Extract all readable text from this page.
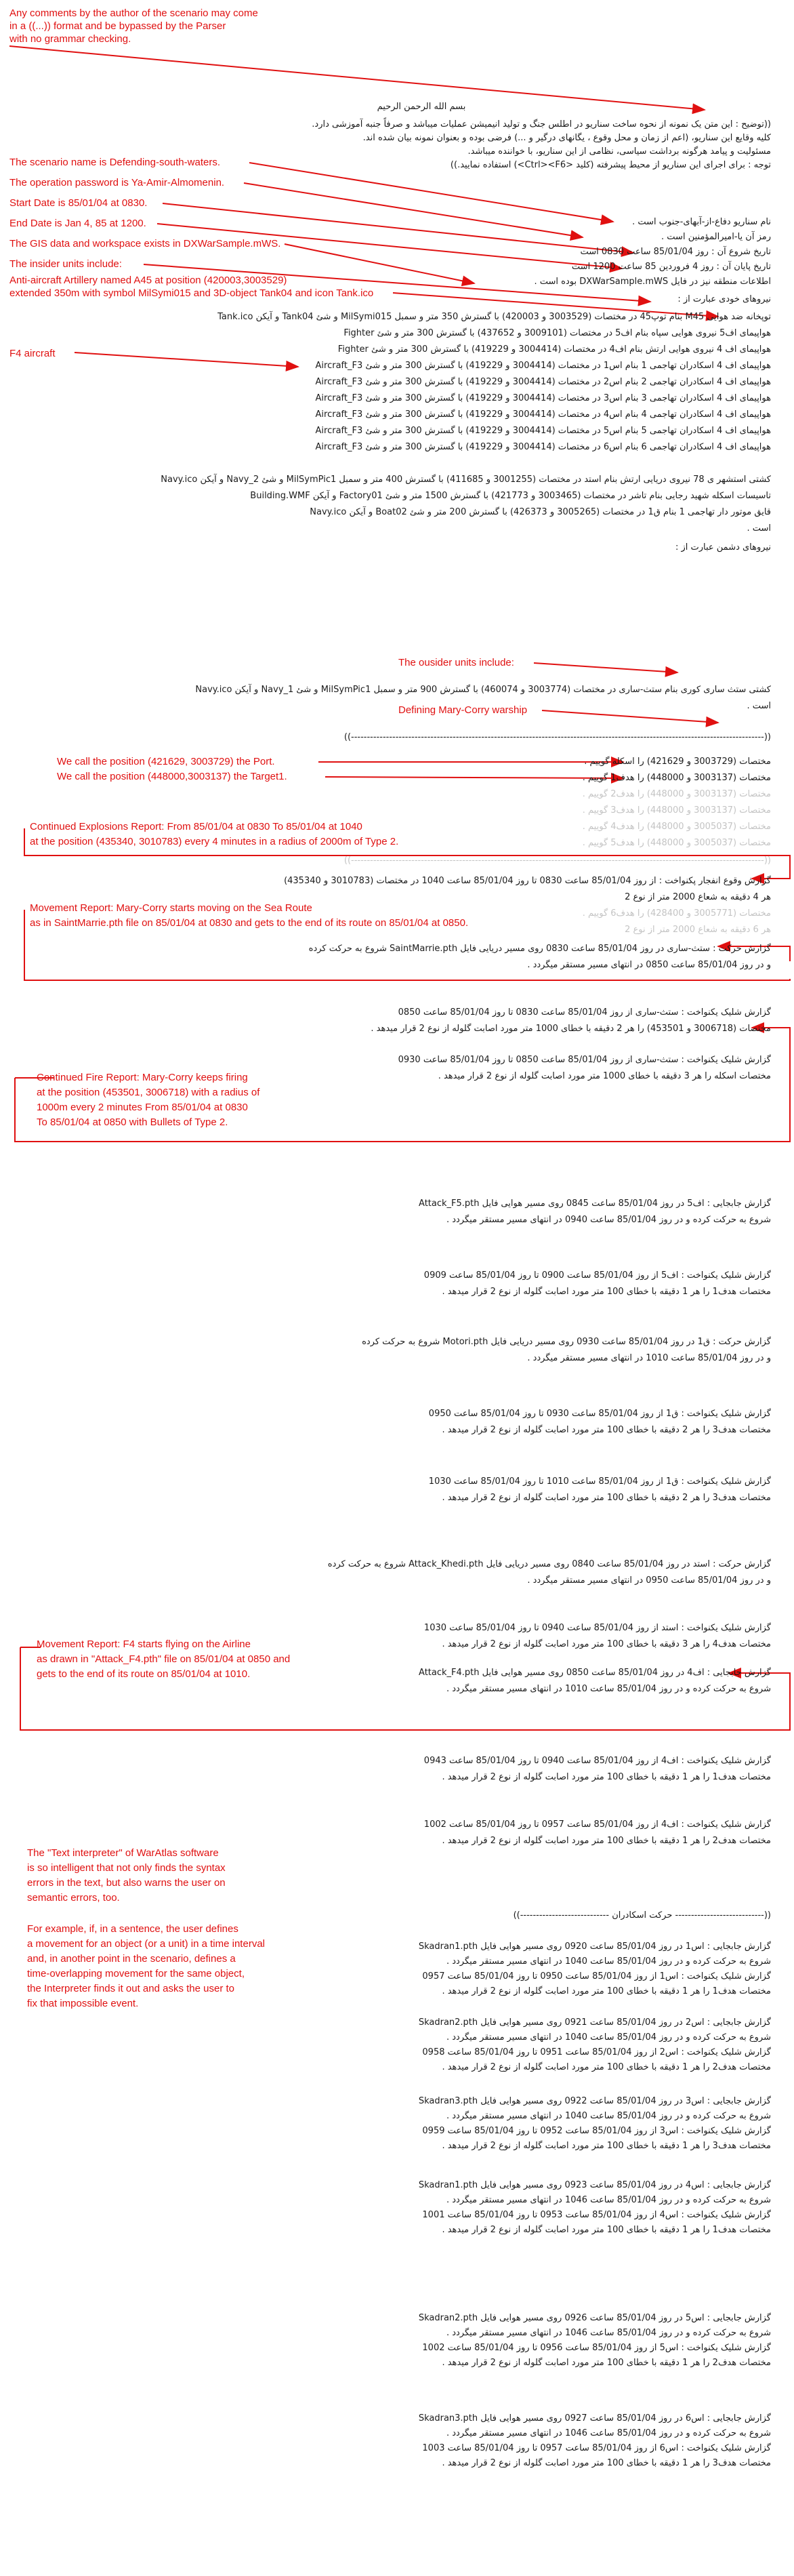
Any comments by the author of the scenario may come
in a ((...)) format and be bypassed by the Parser
with no grammar checking.
The scenario name is Defending-south-waters.
The operation password is Ya-Amir-Almomenin.
Start Date is 85/01/04 at 0830.
End Date is Jan 4, 85 at 1200.
The GIS data and workspace exists in DXWarSample.mWS.
The insider units include:
Anti-aircraft Artillery named A45 at position (420003,3003529)
extended 350m with symbol MilSymi015 and 3D-object Tank04 and icon Tank.ico
F4 aircraft
The ousider units include:
Defining Mary-Corry warship
We call the position (421629, 3003729) the Port.
We call the position (448000,3003137) the Target1.
Continued Explosions Report: From 85/01/04 at 0830 To 85/01/04 at 1040
at the position (435340, 3010783) every 4 minutes in a radius of 2000m of Type 2.
Movement Report: Mary-Corry starts moving on the Sea Route
as in SaintMarrie.pth file on 85/01/04 at 0830 and gets to the end of its route on 85/01/04 at 0850.
Continued Fire Report: Mary-Corry keeps firing
at the position (453501, 3006718) with a radius of
1000m every 2 minutes From 85/01/04 at 0830
To 85/01/04 at 0850 with Bullets of Type 2.
Movement Report: F4 starts flying on the Airline
as drawn in "Attack_F4.pth" file on 85/01/04 at 0850 and
gets to the end of its route on 85/01/04 at 1010.
The "Text interpreter" of WarAtlas software
is so intelligent that not only finds the syntax
errors in the text, but also warns the user on
semantic errors, too.
For example, if, in a sentence, the user defines
a movement for an object (or a unit) in a time interval
and, in another point in the scenario, defines a
time-overlapping movement for the same object,
the Interpreter finds it out and asks the user to
fix that impossible event.
بسم الله الرحمن الرحیم
((توضیح : این متن یک نمونه از نحوه ساخت سناریو در اطلس جنگ و تولید انیمیشن عملیات میباشد و صرفاً جنبه آموزشی دارد.
کلیه وقایع این سناریو، (اعم از زمان و محل وقوع ، یگانهای درگیر و ...) فرضی بوده و بعنوان نمونه بیان شده اند.
مسئولیت و پیامد هرگونه برداشت سیاسی، نظامی از این سناریو، با خواننده میباشد.
توجه : برای اجرای این سناریو از محیط پیشرفته (کلید <Ctrl><F6>) استفاده نمایید.))
نام سناریو دفاع-از-آبهای-جنوب است .
رمز آن یا-امیرالمؤمنین است .
تاریخ شروع آن : روز 85/01/04 ساعت 0830 است
تاریخ پایان آن : روز 4 فروردین 85 ساعت 1200 است
اطلاعات منطقه نیز در فایل DXWarSample.mWS بوده است .
نیروهای خودی عبارت از :
توپخانه ضد هوایی M45 بنام توپ45 در مختصات (3003529 و 420003) با گسترش 350 متر و سمبل MilSymi015 و شئ Tank04 و آیکن Tank.ico
هواپیمای اف5 نیروی هوایی سپاه بنام اف5 در مختصات (3009101 و 437652) با گسترش 300 متر و شئ Fighter
هواپیمای اف 4 نیروی هوایی ارتش بنام اف4 در مختصات (3004414 و 419229) با گسترش 300 متر و شئ Fighter
هواپیمای اف 4 اسکادران تهاجمی 1 بنام اس1 در مختصات (3004414 و 419229) با گسترش 300 متر و شئ Aircraft_F3
هواپیمای اف 4 اسکادران تهاجمی 2 بنام اس2 در مختصات (3004414 و 419229) با گسترش 300 متر و شئ Aircraft_F3
هواپیمای اف 4 اسکادران تهاجمی 3 بنام اس3 در مختصات (3004414 و 419229) با گسترش 300 متر و شئ Aircraft_F3
هواپیمای اف 4 اسکادران تهاجمی 4 بنام اس4 در مختصات (3004414 و 419229) با گسترش 300 متر و شئ Aircraft_F3
هواپیمای اف 4 اسکادران تهاجمی 5 بنام اس5 در مختصات (3004414 و 419229) با گسترش 300 متر و شئ Aircraft_F3
هواپیمای اف 4 اسکادران تهاجمی 6 بنام اس6 در مختصات (3004414 و 419229) با گسترش 300 متر و شئ Aircraft_F3
کشتی استشهر ی 78 نیروی دریایی ارتش بنام استد در مختصات (3001255 و 411685) با گسترش 400 متر و سمبل MilSymPic1 و شئ Navy_2 و آیکن Navy.ico
تاسیسات اسکله شهید رجایی بنام تاشر در مختصات (3003465 و 421773) با گسترش 1500 متر و شئ Factory01 و آیکن Building.WMF
قایق موتور دار تهاجمی 1 بنام ق1 در مختصات (3005265 و 426373) با گسترش 200 متر و شئ Boat02 و آیکن Navy.ico
است .
نیروهای دشمن عبارت از :
کشتی ستث ساری کوری بنام ستث-ساری در مختصات (3003774 و 460074) با گسترش 900 متر و سمبل MilSymPic1 و شئ Navy_1 و آیکن Navy.ico
است .
((----------------------------------------------------------------------------------------------------------------------------------))
مختصات (3003729 و 421629) را اسکله گوییم .
مختصات (3003137 و 448000) را هدف1 گوییم .
مختصات (3003137 و 448000) را هدف2 گوییم .
مختصات (3003137 و 448000) را هدف3 گوییم .
مختصات (3005037 و 448000) را هدف4 گوییم .
مختصات (3005037 و 448000) را هدف5 گوییم .
((----------------------------------------------------------------------------------------------------------------------------------))
گزارش وقوع انفجار پکنواخت : از روز 85/01/04 ساعت 0830 تا روز 85/01/04 ساعت 1040 در مختصات (3010783 و 435340)
هر 4 دقیقه به شعاع 2000 متر از نوع 2
مختصات (3005771 و 428400) را هدف6 گوییم .
هر 6 دقیقه به شعاع 2000 متر از نوع 2
گزارش حرکت : ستث-ساری در روز 85/01/04 ساعت 0830 روی مسیر دریایی فایل SaintMarrie.pth شروع به حرکت کرده
و در روز 85/01/04 ساعت 0850 در انتهای مسیر مستقر میگردد .
گزارش شلیک یکنواخت : ستث-ساری از روز 85/01/04 ساعت 0830 تا روز 85/01/04 ساعت 0850
مختصات (3006718 و 453501) را هر 2 دقیقه با خطای 1000 متر مورد اصابت گلوله از نوع 2 قرار میدهد .
گزارش شلیک یکنواخت : ستث-ساری از روز 85/01/04 ساعت 0850 تا روز 85/01/04 ساعت 0930
مختصات اسکله را هر 3 دقیقه با خطای 1000 متر مورد اصابت گلوله از نوع 2 قرار میدهد .
گزارش جابجایی : اف5 در روز 85/01/04 ساعت 0845 روی مسیر هوایی فایل Attack_F5.pth
شروع به حرکت کرده و در روز 85/01/04 ساعت 0940 در انتهای مسیر مستقر میگردد .
گزارش شلیک یکنواخت : اف5 از روز 85/01/04 ساعت 0900 تا روز 85/01/04 ساعت 0909
مختصات هدف1 را هر 1 دقیقه با خطای 100 متر مورد اصابت گلوله از نوع 2 قرار میدهد .
گزارش حرکت : ق1 در روز 85/01/04 ساعت 0930 روی مسیر دریایی فایل Motori.pth شروع به حرکت کرده
و در روز 85/01/04 ساعت 1010 در انتهای مسیر مستقر میگردد .
گزارش شلیک یکنواخت : ق1 از روز 85/01/04 ساعت 0930 تا روز 85/01/04 ساعت 0950
مختصات هدف3 را هر 2 دقیقه با خطای 100 متر مورد اصابت گلوله از نوع 2 قرار میدهد .
گزارش شلیک یکنواخت : ق1 از روز 85/01/04 ساعت 1010 تا روز 85/01/04 ساعت 1030
مختصات هدف3 را هر 2 دقیقه با خطای 100 متر مورد اصابت گلوله از نوع 2 قرار میدهد .
گزارش حرکت : استد در روز 85/01/04 ساعت 0840 روی مسیر دریایی فایل Attack_Khedi.pth شروع به حرکت کرده
و در روز 85/01/04 ساعت 0950 در انتهای مسیر مستقر میگردد .
گزارش شلیک یکنواخت : استد از روز 85/01/04 ساعت 0940 تا روز 85/01/04 ساعت 1030
مختصات هدف4 را هر 3 دقیقه با خطای 100 متر مورد اصابت گلوله از نوع 2 قرار میدهد .
گزارش جابجایی : اف4 در روز 85/01/04 ساعت 0850 روی مسیر هوایی فایل Attack_F4.pth
شروع به حرکت کرده و در روز 85/01/04 ساعت 1010 در انتهای مسیر مستقر میگردد .
گزارش شلیک یکنواخت : اف4 از روز 85/01/04 ساعت 0940 تا روز 85/01/04 ساعت 0943
مختصات هدف1 را هر 1 دقیقه با خطای 100 متر مورد اصابت گلوله از نوع 2 قرار میدهد .
گزارش شلیک یکنواخت : اف4 از روز 85/01/04 ساعت 0957 تا روز 85/01/04 ساعت 1002
مختصات هدف2 را هر 1 دقیقه با خطای 100 متر مورد اصابت گلوله از نوع 2 قرار میدهد .
((---------------------------- حرکت اسکادران ----------------------------))
گزارش جابجایی : اس1 در روز 85/01/04 ساعت 0920 روی مسیر هوایی فایل Skadran1.pth
شروع به حرکت کرده و در روز 85/01/04 ساعت 1040 در انتهای مسیر مستقر میگردد .
گزارش شلیک یکنواخت : اس1 از روز 85/01/04 ساعت 0950 تا روز 85/01/04 ساعت 0957
مختصات هدف1 را هر 1 دقیقه با خطای 100 متر مورد اصابت گلوله از نوع 2 قرار میدهد .
گزارش جابجایی : اس2 در روز 85/01/04 ساعت 0921 روی مسیر هوایی فایل Skadran2.pth
شروع به حرکت کرده و در روز 85/01/04 ساعت 1040 در انتهای مسیر مستقر میگردد .
گزارش شلیک یکنواخت : اس2 از روز 85/01/04 ساعت 0951 تا روز 85/01/04 ساعت 0958
مختصات هدف2 را هر 1 دقیقه با خطای 100 متر مورد اصابت گلوله از نوع 2 قرار میدهد .
گزارش جابجایی : اس3 در روز 85/01/04 ساعت 0922 روی مسیر هوایی فایل Skadran3.pth
شروع به حرکت کرده و در روز 85/01/04 ساعت 1040 در انتهای مسیر مستقر میگردد .
گزارش شلیک یکنواخت : اس3 از روز 85/01/04 ساعت 0952 تا روز 85/01/04 ساعت 0959
مختصات هدف3 را هر 1 دقیقه با خطای 100 متر مورد اصابت گلوله از نوع 2 قرار میدهد .
گزارش جابجایی : اس4 در روز 85/01/04 ساعت 0923 روی مسیر هوایی فایل Skadran1.pth
شروع به حرکت کرده و در روز 85/01/04 ساعت 1046 در انتهای مسیر مستقر میگردد .
گزارش شلیک یکنواخت : اس4 از روز 85/01/04 ساعت 0953 تا روز 85/01/04 ساعت 1001
مختصات هدف1 را هر 1 دقیقه با خطای 100 متر مورد اصابت گلوله از نوع 2 قرار میدهد .
گزارش جابجایی : اس5 در روز 85/01/04 ساعت 0926 روی مسیر هوایی فایل Skadran2.pth
شروع به حرکت کرده و در روز 85/01/04 ساعت 1046 در انتهای مسیر مستقر میگردد .
گزارش شلیک یکنواخت : اس5 از روز 85/01/04 ساعت 0956 تا روز 85/01/04 ساعت 1002
مختصات هدف2 را هر 1 دقیقه با خطای 100 متر مورد اصابت گلوله از نوع 2 قرار میدهد .
گزارش جابجایی : اس6 در روز 85/01/04 ساعت 0927 روی مسیر هوایی فایل Skadran3.pth
شروع به حرکت کرده و در روز 85/01/04 ساعت 1046 در انتهای مسیر مستقر میگردد .
گزارش شلیک یکنواخت : اس6 از روز 85/01/04 ساعت 0957 تا روز 85/01/04 ساعت 1003
مختصات هدف3 را هر 1 دقیقه با خطای 100 متر مورد اصابت گلوله از نوع 2 قرار میدهد .
